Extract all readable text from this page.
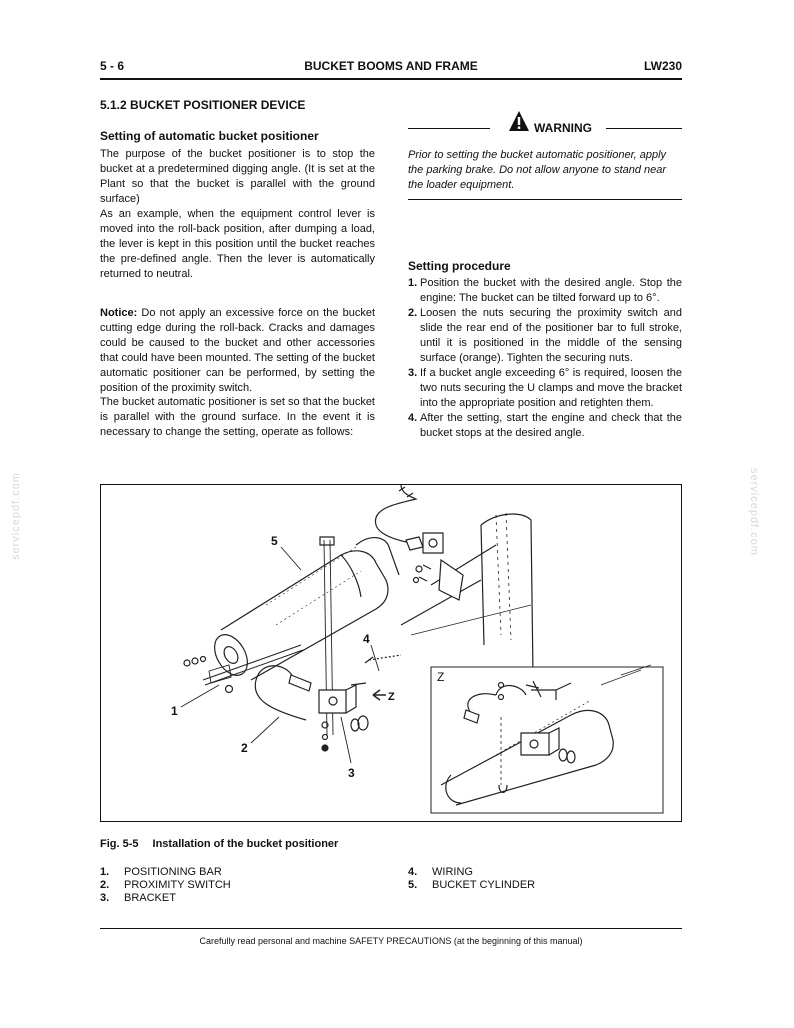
5 - 6	BUCKET BOOMS AND FRAME	LW230
5.1.2 BUCKET POSITIONER DEVICE
Setting of automatic bucket positioner

The purpose of the bucket positioner is to stop the bucket at a predetermined digging angle. (It is set at the Plant so that the bucket is parallel with the ground surface)

As an example, when the equipment control lever is moved into the roll-back position, after dumping a load, the lever is kept in this position until the bucket reaches the pre-defined angle. Then the lever is automatically returned to neutral.

Notice: Do not apply an excessive force on the bucket cutting edge during the roll-back. Cracks and damages could be caused to the bucket and other accessories that could have been mounted. The setting of the bucket automatic positioner can be performed, by setting the position of the proximity switch.

The bucket automatic positioner is set so that the bucket is parallel with the ground surface. In the event it is necessary to change the setting, operate as follows:

WARNING
Prior to setting the bucket automatic positioner, apply the parking brake. Do not allow anyone to stand near the loader equipment.
Setting procedure
1. Position the bucket with the desired angle. Stop the engine: The bucket can be tilted forward up to 6°.
2. Loosen the nuts securing the proximity switch and slide the rear end of the positioner bar to full stroke, until it is positioned in the middle of the sensing surface (orange). Tighten the securing nuts.
3. If a bucket angle exceeding 6° is required, loosen the two nuts securing the U clamps and move the bracket into the appropriate position and retighten them.
4. After the setting, start the engine and check that the bucket stops at the desired angle.
Z
1
2
3
4
5
Z
Fig. 5-5 Installation of the bucket positioner
1. POSITIONING BAR
2. PROXIMITY SWITCH
3. BRACKET
4. WIRING
5. BUCKET CYLINDER
Carefully read personal and machine SAFETY PRECAUTIONS (at the beginning of this manual)
servicepdf.com	servicepdf.com
